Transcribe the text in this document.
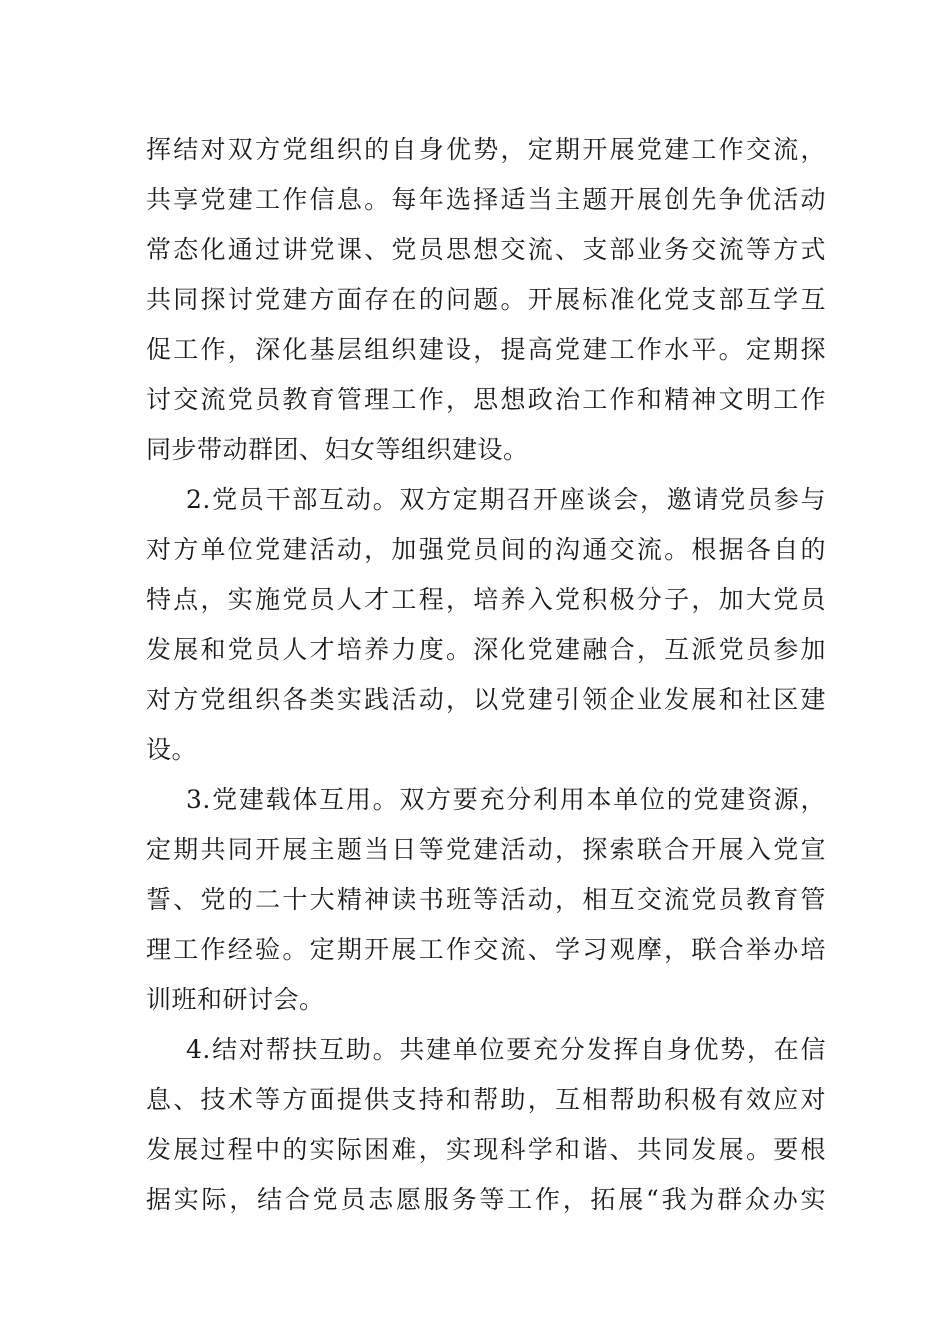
挥结对双方党组织的自身优势，定期开展党建工作交流，
共享党建工作信息。每年选择适当主题开展创先争优活动
常态化通过讲党课、党员思想交流、支部业务交流等方式
共同探讨党建方面存在的问题。开展标准化党支部互学互
促工作，深化基层组织建设，提高党建工作水平。定期探
讨交流党员教育管理工作，思想政治工作和精神文明工作
同步带动群团、妇女等组织建设。
2.党员干部互动。双方定期召开座谈会，邀请党员参与
对方单位党建活动，加强党员间的沟通交流。根据各自的
特点，实施党员人才工程，培养入党积极分子，加大党员
发展和党员人才培养力度。深化党建融合，互派党员参加
对方党组织各类实践活动，以党建引领企业发展和社区建
设。
3.党建载体互用。双方要充分利用本单位的党建资源，
定期共同开展主题当日等党建活动，探索联合开展入党宣
誓、党的二十大精神读书班等活动，相互交流党员教育管
理工作经验。定期开展工作交流、学习观摩，联合举办培
训班和研讨会。
4.结对帮扶互助。共建单位要充分发挥自身优势，在信
息、技术等方面提供支持和帮助，互相帮助积极有效应对
发展过程中的实际困难，实现科学和谐、共同发展。要根
据实际，结合党员志愿服务等工作，拓展“我为群众办实
